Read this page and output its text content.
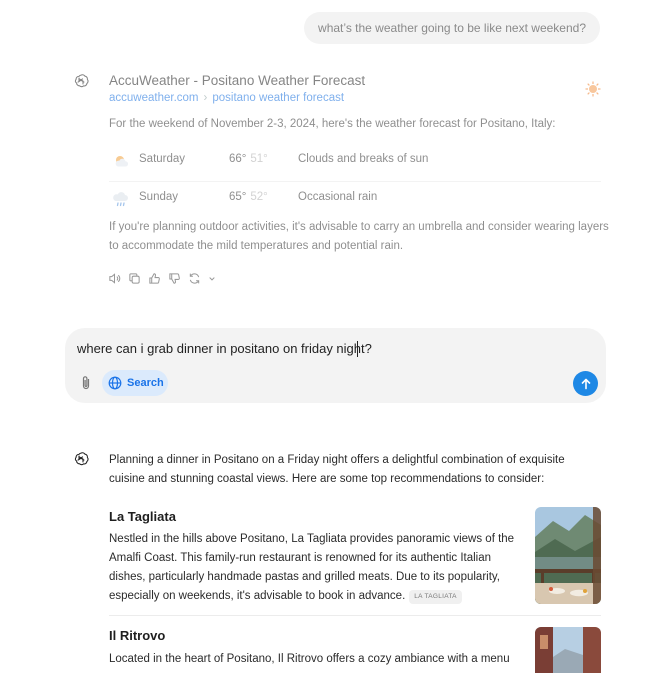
what’s the weather going to be like next weekend?
AccuWeather - Positano Weather Forecast
accuweather.com › positano weather forecast
For the weekend of November 2-3, 2024, here's the weather forecast for Positano, Italy:
Saturday	66° 51°	Clouds and breaks of sun
Sunday	65° 52°	Occasional rain
If you're planning outdoor activities, it's advisable to carry an umbrella and consider wearing layers to accommodate the mild temperatures and potential rain.
where can i grab dinner in positano on friday night?
Search
Planning a dinner in Positano on a Friday night offers a delightful combination of exquisite cuisine and stunning coastal views. Here are some top recommendations to consider:
La Tagliata
Nestled in the hills above Positano, La Tagliata provides panoramic views of the Amalfi Coast. This family-run restaurant is renowned for its authentic Italian dishes, particularly handmade pastas and grilled meats. Due to its popularity, especially on weekends, it's advisable to book in advance. LA TAGLIATA
Il Ritrovo
Located in the heart of Positano, Il Ritrovo offers a cozy ambiance with a menu
